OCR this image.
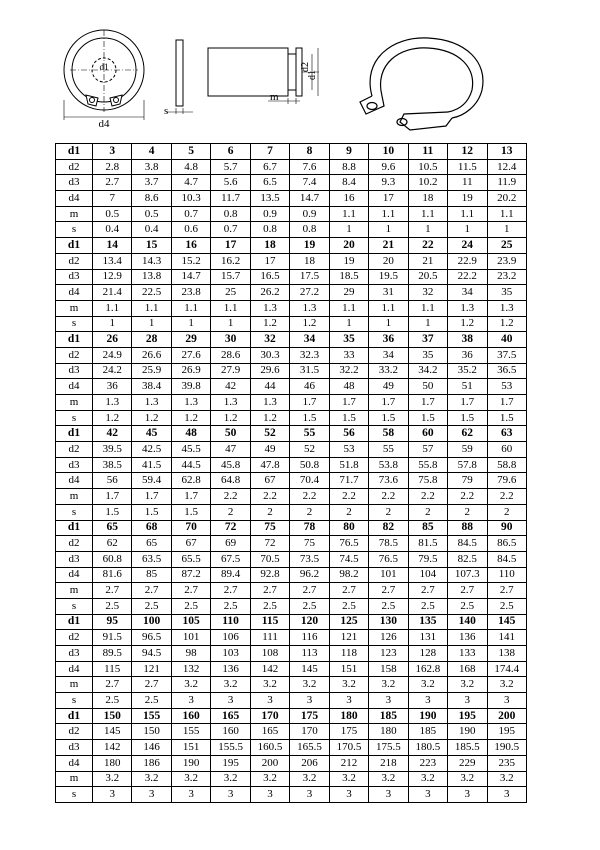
d4
d1
s
d2
d1
m
d1	3	4	5	6	7	8	9	10	11	12	13
d2	2.8	3.8	4.8	5.7	6.7	7.6	8.8	9.6	10.5	11.5	12.4
d3	2.7	3.7	4.7	5.6	6.5	7.4	8.4	9.3	10.2	11	11.9
d4	7	8.6	10.3	11.7	13.5	14.7	16	17	18	19	20.2
m	0.5	0.5	0.7	0.8	0.9	0.9	1.1	1.1	1.1	1.1	1.1
s	0.4	0.4	0.6	0.7	0.8	0.8	1	1	1	1	1
d1	14	15	16	17	18	19	20	21	22	24	25
d2	13.4	14.3	15.2	16.2	17	18	19	20	21	22.9	23.9
d3	12.9	13.8	14.7	15.7	16.5	17.5	18.5	19.5	20.5	22.2	23.2
d4	21.4	22.5	23.8	25	26.2	27.2	29	31	32	34	35
m	1.1	1.1	1.1	1.1	1.3	1.3	1.1	1.1	1.1	1.3	1.3
s	1	1	1	1	1.2	1.2	1	1	1	1.2	1.2
d1	26	28	29	30	32	34	35	36	37	38	40
d2	24.9	26.6	27.6	28.6	30.3	32.3	33	34	35	36	37.5
d3	24.2	25.9	26.9	27.9	29.6	31.5	32.2	33.2	34.2	35.2	36.5
d4	36	38.4	39.8	42	44	46	48	49	50	51	53
m	1.3	1.3	1.3	1.3	1.3	1.7	1.7	1.7	1.7	1.7	1.7
s	1.2	1.2	1.2	1.2	1.2	1.5	1.5	1.5	1.5	1.5	1.5
d1	42	45	48	50	52	55	56	58	60	62	63
d2	39.5	42.5	45.5	47	49	52	53	55	57	59	60
d3	38.5	41.5	44.5	45.8	47.8	50.8	51.8	53.8	55.8	57.8	58.8
d4	56	59.4	62.8	64.8	67	70.4	71.7	73.6	75.8	79	79.6
m	1.7	1.7	1.7	2.2	2.2	2.2	2.2	2.2	2.2	2.2	2.2
s	1.5	1.5	1.5	2	2	2	2	2	2	2	2
d1	65	68	70	72	75	78	80	82	85	88	90
d2	62	65	67	69	72	75	76.5	78.5	81.5	84.5	86.5
d3	60.8	63.5	65.5	67.5	70.5	73.5	74.5	76.5	79.5	82.5	84.5
d4	81.6	85	87.2	89.4	92.8	96.2	98.2	101	104	107.3	110
m	2.7	2.7	2.7	2.7	2.7	2.7	2.7	2.7	2.7	2.7	2.7
s	2.5	2.5	2.5	2.5	2.5	2.5	2.5	2.5	2.5	2.5	2.5
d1	95	100	105	110	115	120	125	130	135	140	145
d2	91.5	96.5	101	106	111	116	121	126	131	136	141
d3	89.5	94.5	98	103	108	113	118	123	128	133	138
d4	115	121	132	136	142	145	151	158	162.8	168	174.4
m	2.7	2.7	3.2	3.2	3.2	3.2	3.2	3.2	3.2	3.2	3.2
s	2.5	2.5	3	3	3	3	3	3	3	3	3
d1	150	155	160	165	170	175	180	185	190	195	200
d2	145	150	155	160	165	170	175	180	185	190	195
d3	142	146	151	155.5	160.5	165.5	170.5	175.5	180.5	185.5	190.5
d4	180	186	190	195	200	206	212	218	223	229	235
m	3.2	3.2	3.2	3.2	3.2	3.2	3.2	3.2	3.2	3.2	3.2
s	3	3	3	3	3	3	3	3	3	3	3
